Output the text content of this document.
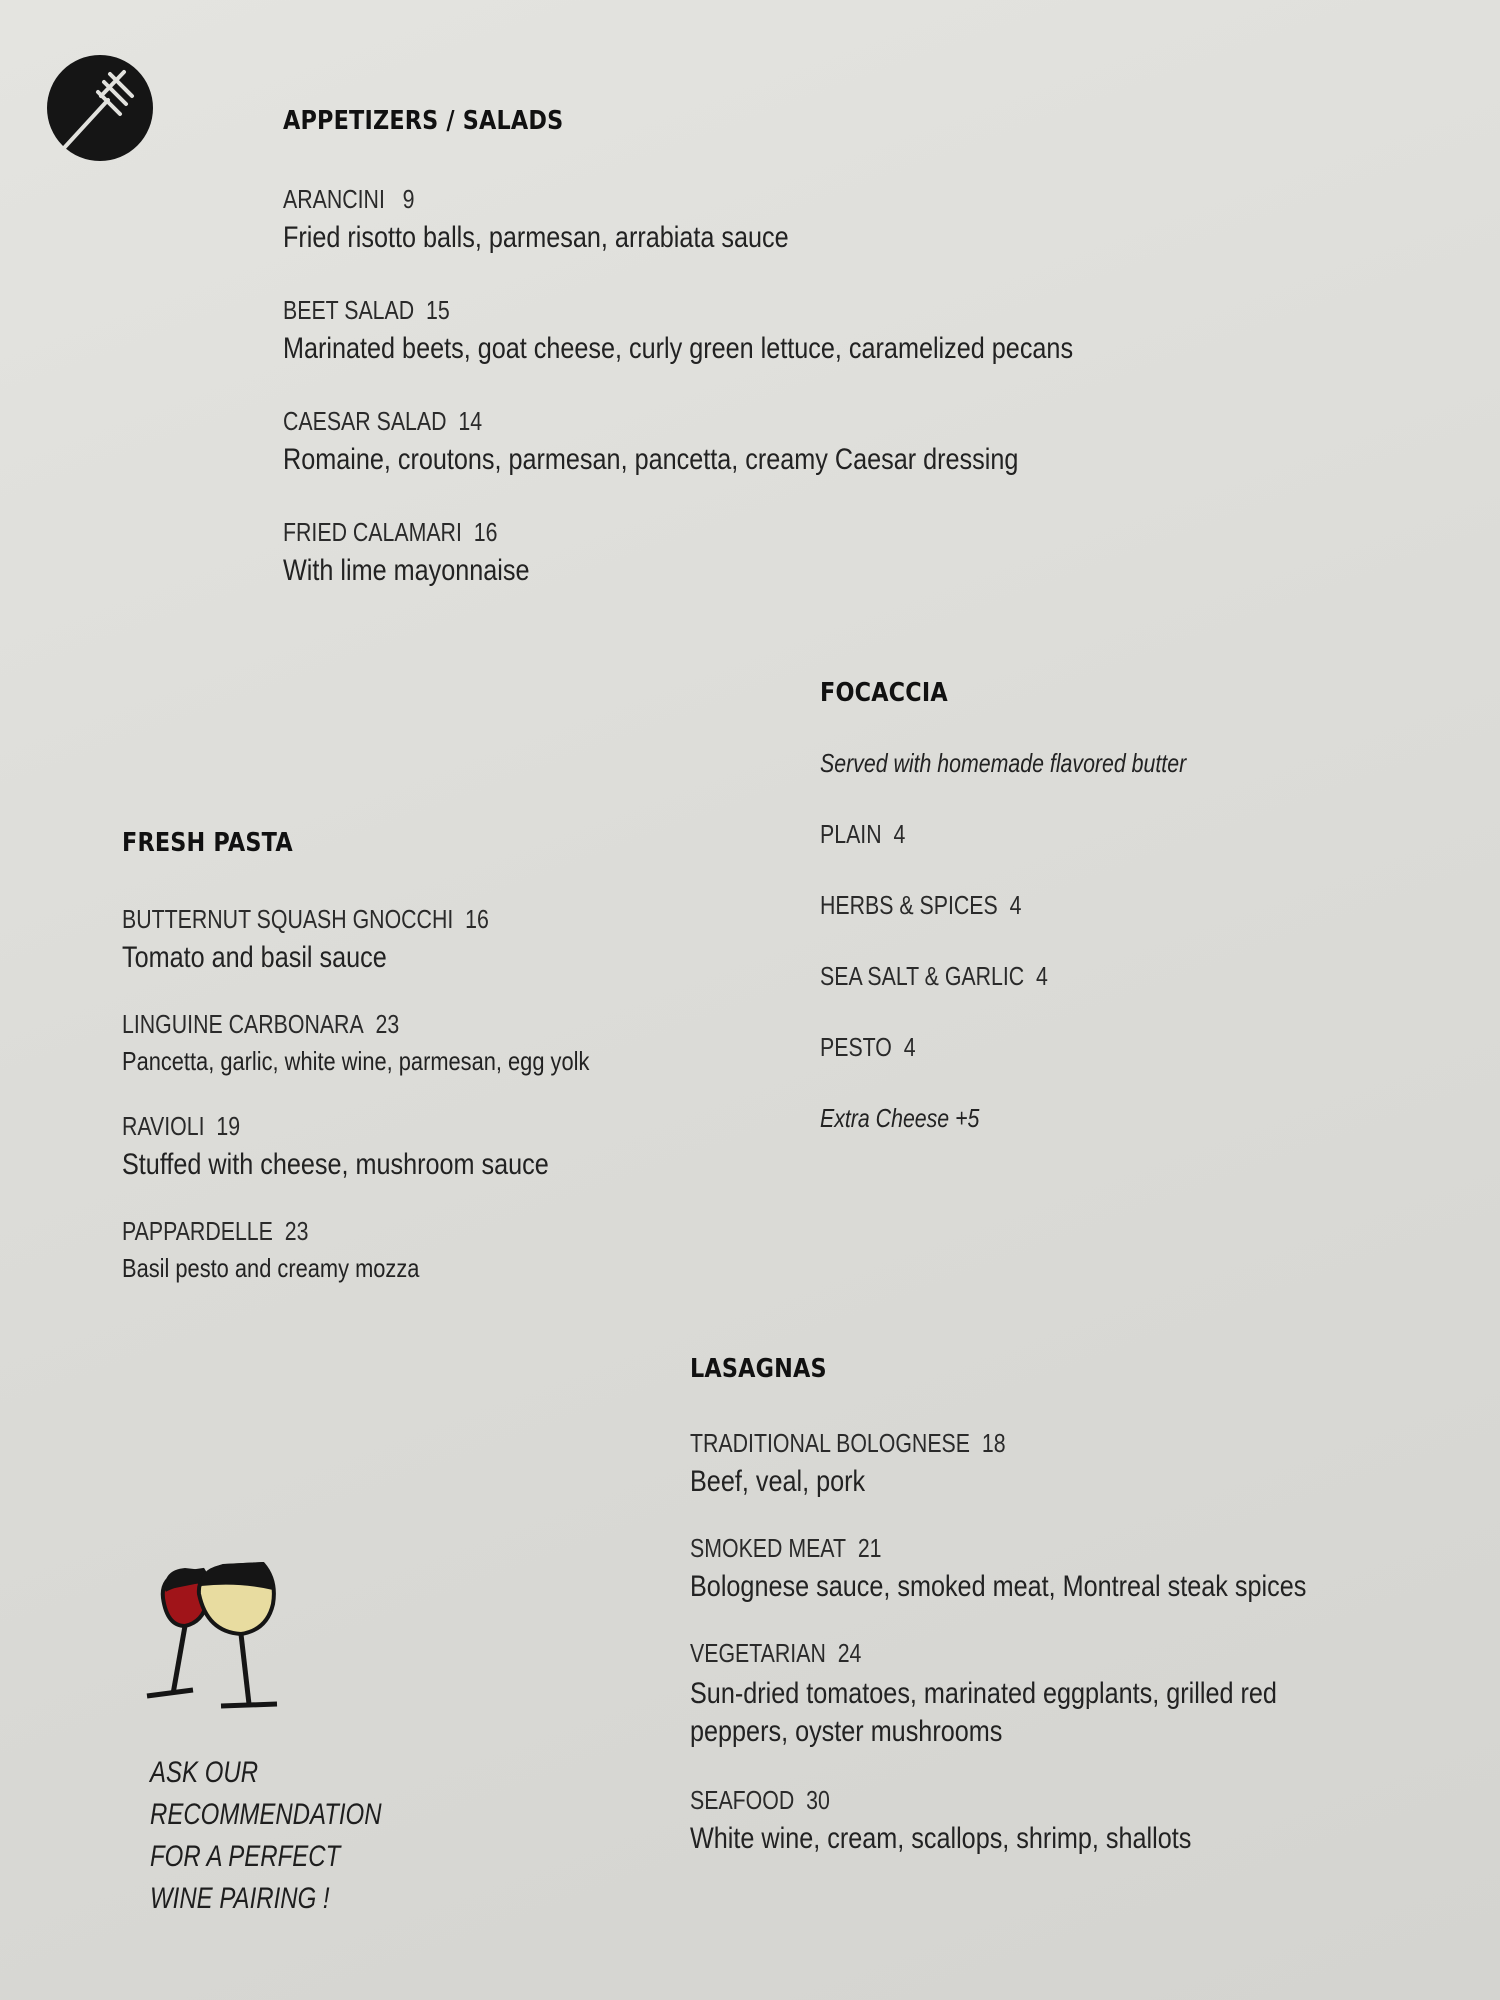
APPETIZERS / SALADS
ARANCINI 9
Fried risotto balls, parmesan, arrabiata sauce
BEET SALAD 15
Marinated beets, goat cheese, curly green lettuce, caramelized pecans
CAESAR SALAD 14
Romaine, croutons, parmesan, pancetta, creamy Caesar dressing
FRIED CALAMARI 16
With lime mayonnaise
FOCACCIA
Served with homemade flavored butter
PLAIN 4
HERBS & SPICES 4
SEA SALT & GARLIC 4
PESTO 4
Extra Cheese +5
FRESH PASTA
BUTTERNUT SQUASH GNOCCHI 16
Tomato and basil sauce
LINGUINE CARBONARA 23
Pancetta, garlic, white wine, parmesan, egg yolk
RAVIOLI 19
Stuffed with cheese, mushroom sauce
PAPPARDELLE 23
Basil pesto and creamy mozza
LASAGNAS
TRADITIONAL BOLOGNESE 18
Beef, veal, pork
SMOKED MEAT 21
Bolognese sauce, smoked meat, Montreal steak spices
VEGETARIAN 24
Sun-dried tomatoes, marinated eggplants, grilled red peppers, oyster mushrooms
SEAFOOD 30
White wine, cream, scallops, shrimp, shallots
ASK OUR
RECOMMENDATION
FOR A PERFECT
WINE PAIRING !
